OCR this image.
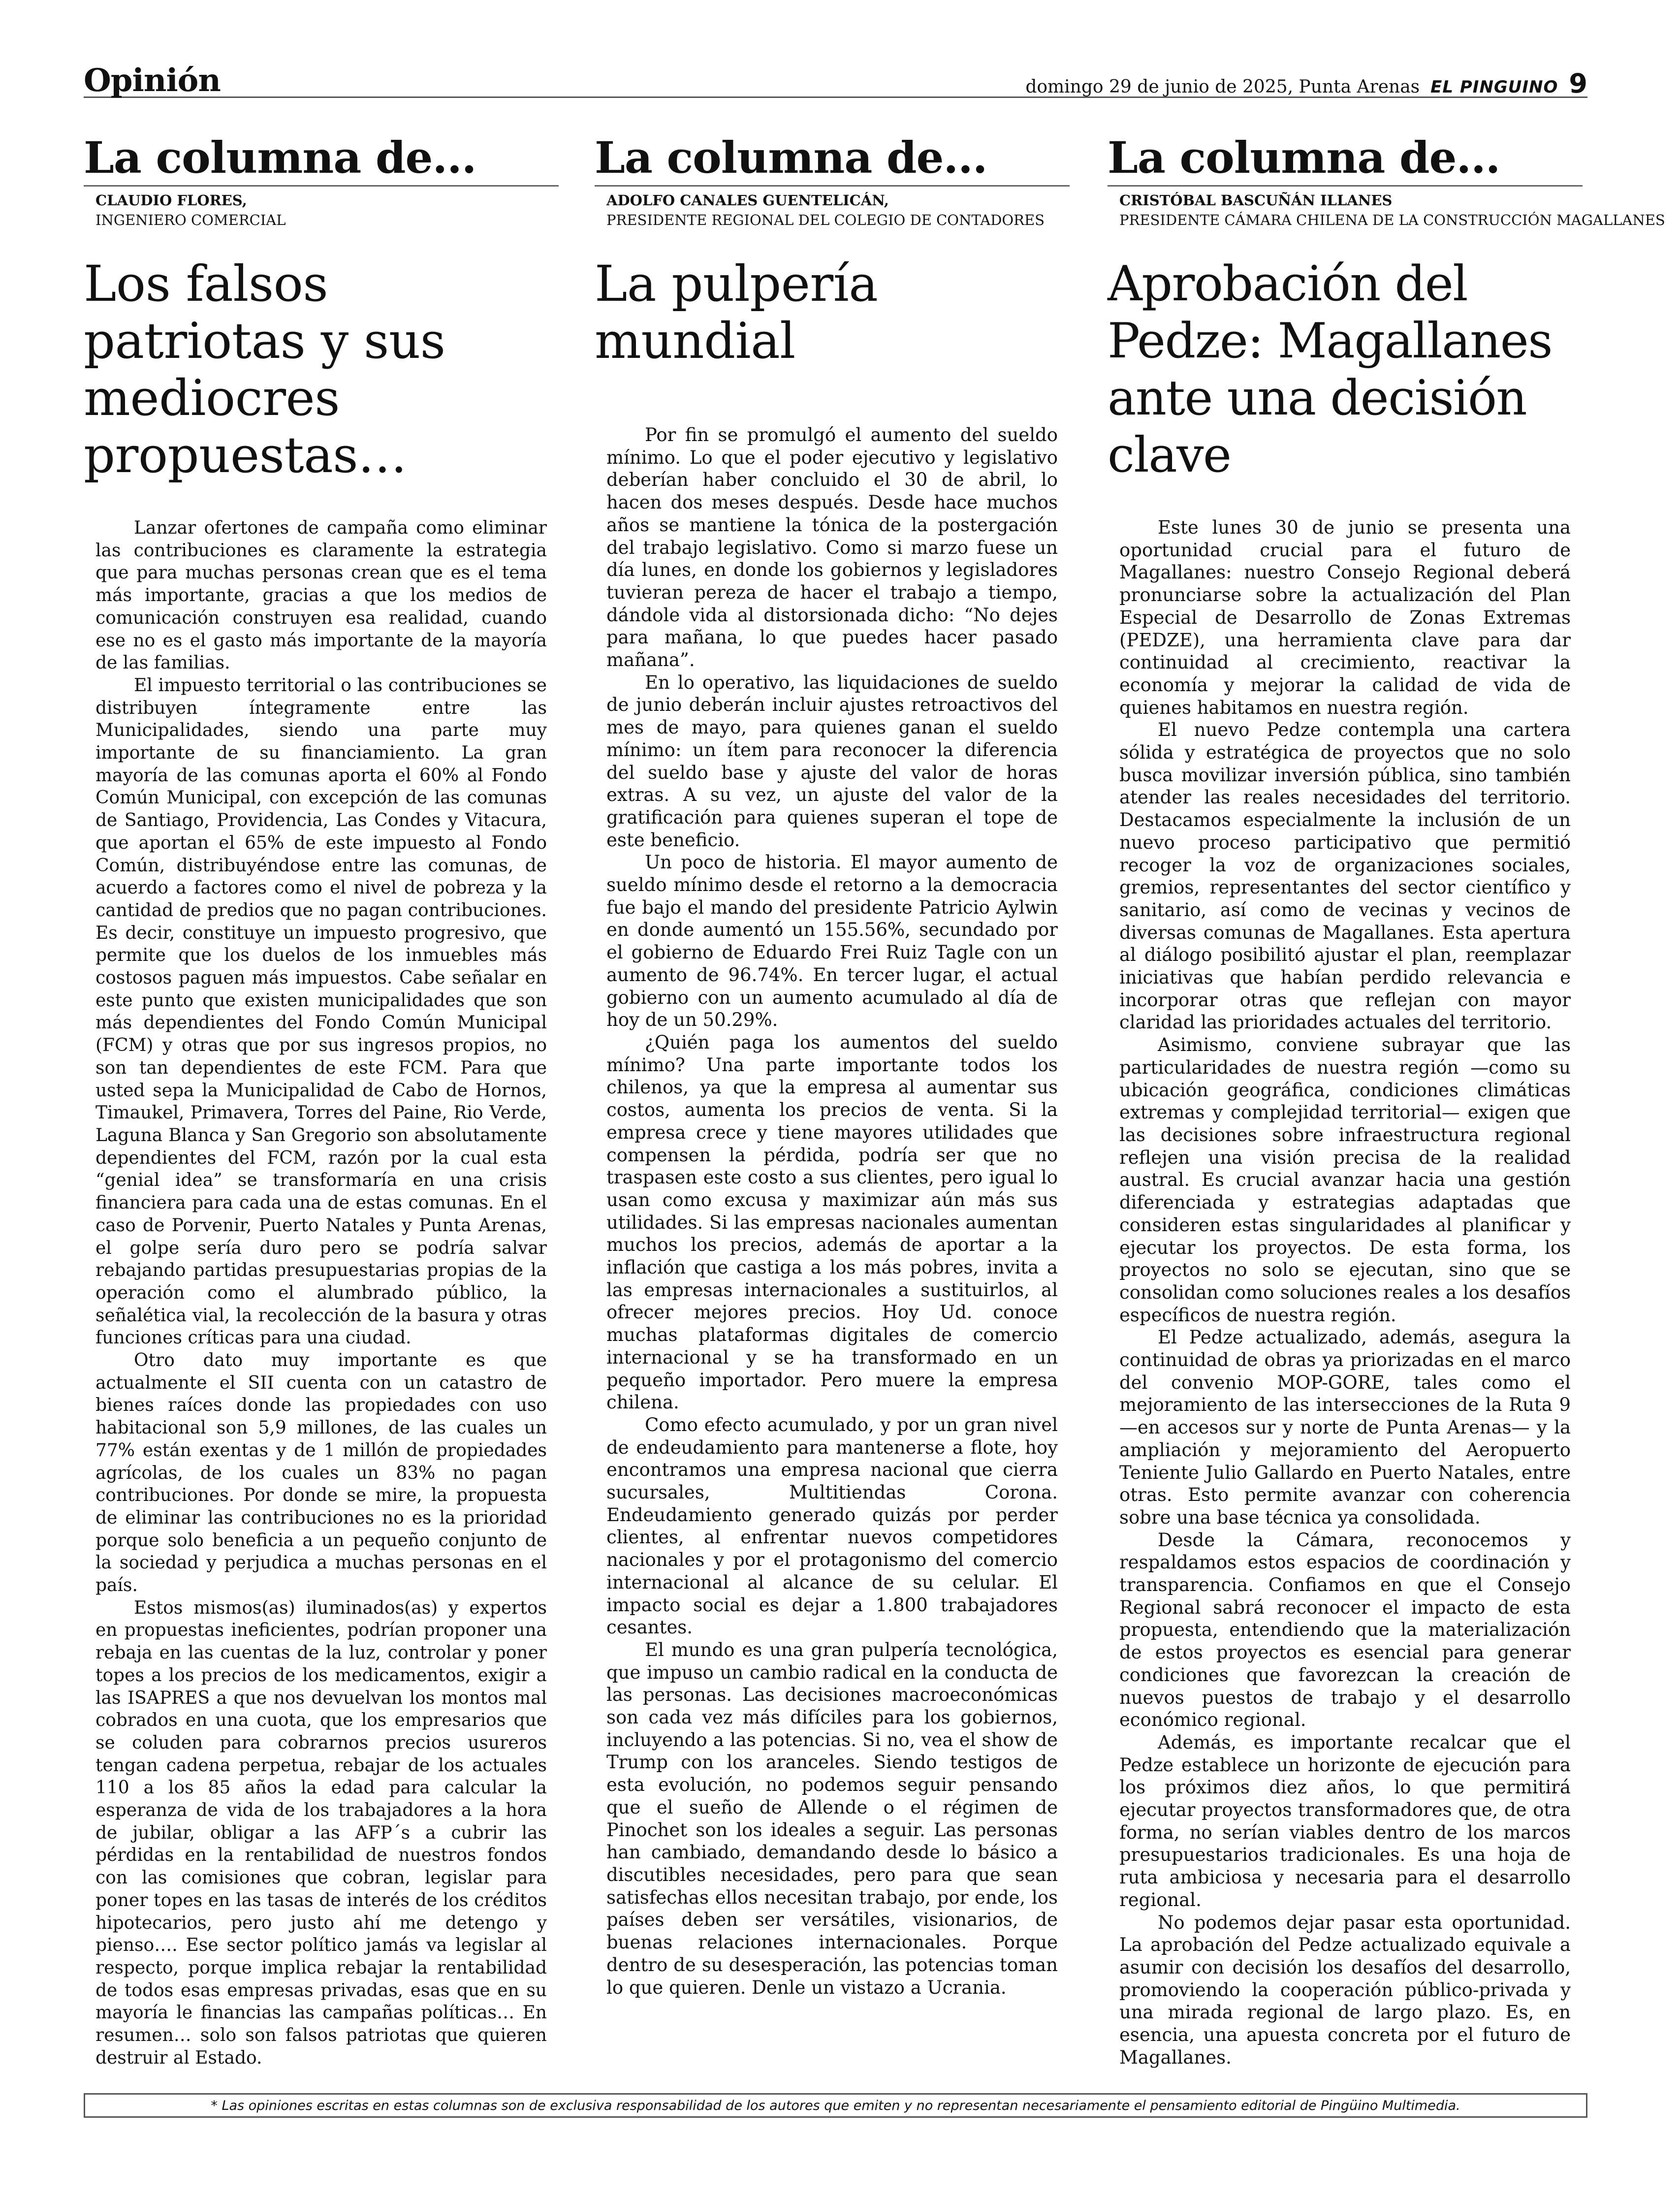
Opinión	domingo 29 de junio de 2025, Punta Arenas EL PINGUINO 9
La columna de...
CLAUDIO FLORES,
INGENIERO COMERCIAL
Los falsos patriotas y sus mediocres propuestas…

Lanzar ofertones de campaña como eliminar las contribuciones es claramente la estrategia que para muchas personas crean que es el tema más importante, gracias a que los medios de comunicación construyen esa realidad, cuando ese no es el gasto más importante de la mayoría de las familias.

El impuesto territorial o las contribuciones se distribuyen íntegramente entre las Municipalidades, siendo una parte muy importante de su financiamiento. La gran mayoría de las comunas aporta el 60% al Fondo Común Municipal, con excepción de las comunas de Santiago, Providencia, Las Condes y Vitacura, que aportan el 65% de este impuesto al Fondo Común, distribuyéndose entre las comunas, de acuerdo a factores como el nivel de pobreza y la cantidad de predios que no pagan contribuciones. Es decir, constituye un impuesto progresivo, que permite que los duelos de los inmuebles más costosos paguen más impuestos. Cabe señalar en este punto que existen municipalidades que son más dependientes del Fondo Común Municipal (FCM) y otras que por sus ingresos propios, no son tan dependientes de este FCM. Para que usted sepa la Municipalidad de Cabo de Hornos, Timaukel, Primavera, Torres del Paine, Rio Verde, Laguna Blanca y San Gregorio son absolutamente dependientes del FCM, razón por la cual esta “genial idea” se transformaría en una crisis financiera para cada una de estas comunas. En el caso de Porvenir, Puerto Natales y Punta Arenas, el golpe sería duro pero se podría salvar rebajando partidas presupuestarias propias de la operación como el alumbrado público, la señalética vial, la recolección de la basura y otras funciones críticas para una ciudad.

Otro dato muy importante es que actualmente el SII cuenta con un catastro de bienes raíces donde las propiedades con uso habitacional son 5,9 millones, de las cuales un 77% están exentas y de 1 millón de propiedades agrícolas, de los cuales un 83% no pagan contribuciones. Por donde se mire, la propuesta de eliminar las contribuciones no es la prioridad porque solo beneficia a un pequeño conjunto de la sociedad y perjudica a muchas personas en el país.

Estos mismos(as) iluminados(as) y expertos en propuestas ineficientes, podrían proponer una rebaja en las cuentas de la luz, controlar y poner topes a los precios de los medicamentos, exigir a las ISAPRES a que nos devuelvan los montos mal cobrados en una cuota, que los empresarios que se coluden para cobrarnos precios usureros tengan cadena perpetua, rebajar de los actuales 110 a los 85 años la edad para calcular la esperanza de vida de los trabajadores a la hora de jubilar, obligar a las AFP´s a cubrir las pérdidas en la rentabilidad de nuestros fondos con las comisiones que cobran, legislar para poner topes en las tasas de interés de los créditos hipotecarios, pero justo ahí me detengo y pienso…. Ese sector político jamás va legislar al respecto, porque implica rebajar la rentabilidad de todos esas empresas privadas, esas que en su mayoría le financias las campañas políticas… En resumen… solo son falsos patriotas que quieren destruir al Estado.

La columna de...
ADOLFO CANALES GUENTELICÁN,
PRESIDENTE REGIONAL DEL COLEGIO DE CONTADORES
La pulpería mundial

Por fin se promulgó el aumento del sueldo mínimo. Lo que el poder ejecutivo y legislativo deberían haber concluido el 30 de abril, lo hacen dos meses después. Desde hace muchos años se mantiene la tónica de la postergación del trabajo legislativo. Como si marzo fuese un día lunes, en donde los gobiernos y legisladores tuvieran pereza de hacer el trabajo a tiempo, dándole vida al distorsionada dicho: “No dejes para mañana, lo que puedes hacer pasado mañana”.

En lo operativo, las liquidaciones de sueldo de junio deberán incluir ajustes retroactivos del mes de mayo, para quienes ganan el sueldo mínimo: un ítem para reconocer la diferencia del sueldo base y ajuste del valor de horas extras. A su vez, un ajuste del valor de la gratificación para quienes superan el tope de este beneficio.

Un poco de historia. El mayor aumento de sueldo mínimo desde el retorno a la democracia fue bajo el mando del presidente Patricio Aylwin en donde aumentó un 155.56%, secundado por el gobierno de Eduardo Frei Ruiz Tagle con un aumento de 96.74%. En tercer lugar, el actual gobierno con un aumento acumulado al día de hoy de un 50.29%.

¿Quién paga los aumentos del sueldo mínimo? Una parte importante todos los chilenos, ya que la empresa al aumentar sus costos, aumenta los precios de venta. Si la empresa crece y tiene mayores utilidades que compensen la pérdida, podría ser que no traspasen este costo a sus clientes, pero igual lo usan como excusa y maximizar aún más sus utilidades. Si las empresas nacionales aumentan muchos los precios, además de aportar a la inflación que castiga a los más pobres, invita a las empresas internacionales a sustituirlos, al ofrecer mejores precios. Hoy Ud. conoce muchas plataformas digitales de comercio internacional y se ha transformado en un pequeño importador. Pero muere la empresa chilena.

Como efecto acumulado, y por un gran nivel de endeudamiento para mantenerse a flote, hoy encontramos una empresa nacional que cierra sucursales, Multitiendas Corona. Endeudamiento generado quizás por perder clientes, al enfrentar nuevos competidores nacionales y por el protagonismo del comercio internacional al alcance de su celular. El impacto social es dejar a 1.800 trabajadores cesantes.

El mundo es una gran pulpería tecnológica, que impuso un cambio radical en la conducta de las personas. Las decisiones macroeconómicas son cada vez más difíciles para los gobiernos, incluyendo a las potencias. Si no, vea el show de Trump con los aranceles. Siendo testigos de esta evolución, no podemos seguir pensando que el sueño de Allende o el régimen de Pinochet son los ideales a seguir. Las personas han cambiado, demandando desde lo básico a discutibles necesidades, pero para que sean satisfechas ellos necesitan trabajo, por ende, los países deben ser versátiles, visionarios, de buenas relaciones internacionales. Porque dentro de su desesperación, las potencias toman lo que quieren. Denle un vistazo a Ucrania.

La columna de...
CRISTÓBAL BASCUÑÁN ILLANES
PRESIDENTE CÁMARA CHILENA DE LA CONSTRUCCIÓN MAGALLANES
Aprobación del Pedze: Magallanes ante una decisión clave

Este lunes 30 de junio se presenta una oportunidad crucial para el futuro de Magallanes: nuestro Consejo Regional deberá pronunciarse sobre la actualización del Plan Especial de Desarrollo de Zonas Extremas (PEDZE), una herramienta clave para dar continuidad al crecimiento, reactivar la economía y mejorar la calidad de vida de quienes habitamos en nuestra región.

El nuevo Pedze contempla una cartera sólida y estratégica de proyectos que no solo busca movilizar inversión pública, sino también atender las reales necesidades del territorio. Destacamos especialmente la inclusión de un nuevo proceso participativo que permitió recoger la voz de organizaciones sociales, gremios, representantes del sector científico y sanitario, así como de vecinas y vecinos de diversas comunas de Magallanes. Esta apertura al diálogo posibilitó ajustar el plan, reemplazar iniciativas que habían perdido relevancia e incorporar otras que reflejan con mayor claridad las prioridades actuales del territorio.

Asimismo, conviene subrayar que las particularidades de nuestra región —como su ubicación geográfica, condiciones climáticas extremas y complejidad territorial— exigen que las decisiones sobre infraestructura regional reflejen una visión precisa de la realidad austral. Es crucial avanzar hacia una gestión diferenciada y estrategias adaptadas que consideren estas singularidades al planificar y ejecutar los proyectos. De esta forma, los proyectos no solo se ejecutan, sino que se consolidan como soluciones reales a los desafíos específicos de nuestra región.

El Pedze actualizado, además, asegura la continuidad de obras ya priorizadas en el marco del convenio MOP-GORE, tales como el mejoramiento de las intersecciones de la Ruta 9 —en accesos sur y norte de Punta Arenas— y la ampliación y mejoramiento del Aeropuerto Teniente Julio Gallardo en Puerto Natales, entre otras. Esto permite avanzar con coherencia sobre una base técnica ya consolidada.

Desde la Cámara, reconocemos y respaldamos estos espacios de coordinación y transparencia. Confiamos en que el Consejo Regional sabrá reconocer el impacto de esta propuesta, entendiendo que la materialización de estos proyectos es esencial para generar condiciones que favorezcan la creación de nuevos puestos de trabajo y el desarrollo económico regional.

Además, es importante recalcar que el Pedze establece un horizonte de ejecución para los próximos diez años, lo que permitirá ejecutar proyectos transformadores que, de otra forma, no serían viables dentro de los marcos presupuestarios tradicionales. Es una hoja de ruta ambiciosa y necesaria para el desarrollo regional.

No podemos dejar pasar esta oportunidad. La aprobación del Pedze actualizado equivale a asumir con decisión los desafíos del desarrollo, promoviendo la cooperación público-privada y una mirada regional de largo plazo. Es, en esencia, una apuesta concreta por el futuro de Magallanes.

* Las opiniones escritas en estas columnas son de exclusiva responsabilidad de los autores que emiten y no representan necesariamente el pensamiento editorial de Pingüino Multimedia.
